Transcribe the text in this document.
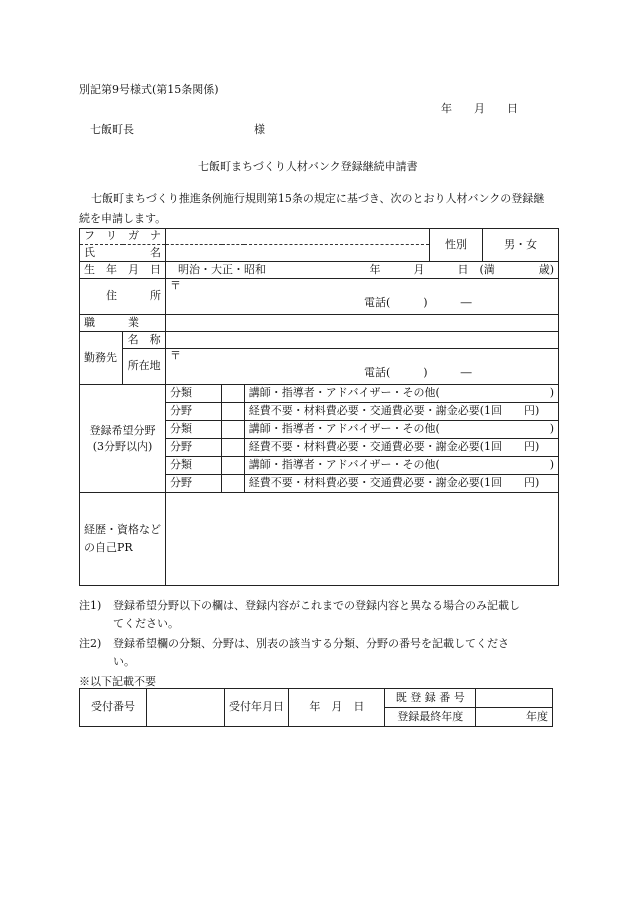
別記第9号様式(第15条関係)
年　　月　　日
七飯町長	様
七飯町まちづくり人材バンク登録継続申請書
七飯町まちづくり推進条例施行規則第15条の規定に基づき、次のとおり人材バンクの登録継続を申請します。
フ　リ　ガ　ナ					性別	男・女
氏　　　　　名						
生　年　月　日		明治・大正・昭和 年　　　月　　　日　(満　　　　歳)				
住　　　所		〒
電話(　　　)　　　―				

職　　　業						
勤務先	名　称					
	所在地	〒
電話(　　　)　　　―				

登録希望分野
(3分野以内)		分類		講師・指導者・アドバイザー・その他(　　　　　　　　　　)		
		分野		経費不要・材料費必要・交通費必要・謝金必要(1回　　円)		
		分類		講師・指導者・アドバイザー・その他(　　　　　　　　　　)		
		分野		経費不要・材料費必要・交通費必要・謝金必要(1回　　円)		
		分類		講師・指導者・アドバイザー・その他(　　　　　　　　　　)		
		分野		経費不要・材料費必要・交通費必要・謝金必要(1回　　円)		

経歴・資格など
の自己PR						

注1) 登録希望分野以下の欄は、登録内容がこれまでの登録内容と異なる場合のみ記載し
てください。
注2) 登録希望欄の分類、分野は、別表の該当する分類、分野の番号を記載してくださ
い。
※以下記載不要
受付番号		受付年月日	年　月　日	既 登 録 番 号	
				登録最終年度	年度
